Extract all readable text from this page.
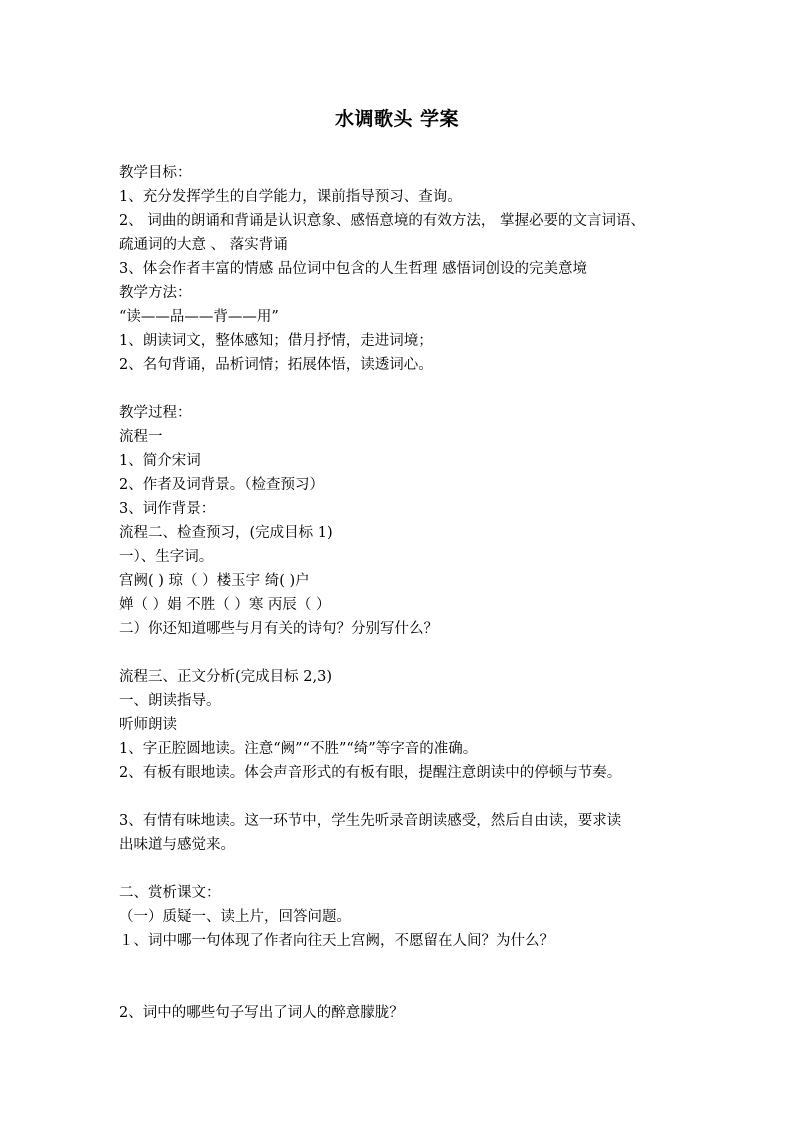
水调歌头 学案
教学目标：
1、充分发挥学生的自学能力，课前指导预习、查询。
2、 词曲的朗诵和背诵是认识意象、感悟意境的有效方法， 掌握必要的文言词语、
疏通词的大意 、 落实背诵
3、体会作者丰富的情感 品位词中包含的人生哲理 感悟词创设的完美意境
教学方法：
“读——品——背——用”
1、朗读词文，整体感知；借月抒情，走进词境；
2、名句背诵，品析词情；拓展体悟，读透词心。
教学过程：
流程一
1、简介宋词
2、作者及词背景。（检查预习）
3、词作背景：
流程二、检查预习，(完成目标 1)
一）、生字词。
宫阙( ) 琼（ ）楼玉宇 绮( )户
婵（ ）娟 不胜（ ）寒 丙辰（ ）
二）你还知道哪些与月有关的诗句？分别写什么？
流程三、正文分析(完成目标 2,3)
一、朗读指导。
听师朗读
1、字正腔圆地读。注意“阙”“不胜”“绮”等字音的准确。
2、有板有眼地读。体会声音形式的有板有眼，提醒注意朗读中的停顿与节奏。
3、有情有味地读。这一环节中，学生先听录音朗读感受，然后自由读，要求读
出味道与感觉来。
二、赏析课文：
（一）质疑一、读上片，回答问题。
１、词中哪一句体现了作者向往天上宫阙，不愿留在人间？为什么？
2、词中的哪些句子写出了词人的醉意朦胧？
